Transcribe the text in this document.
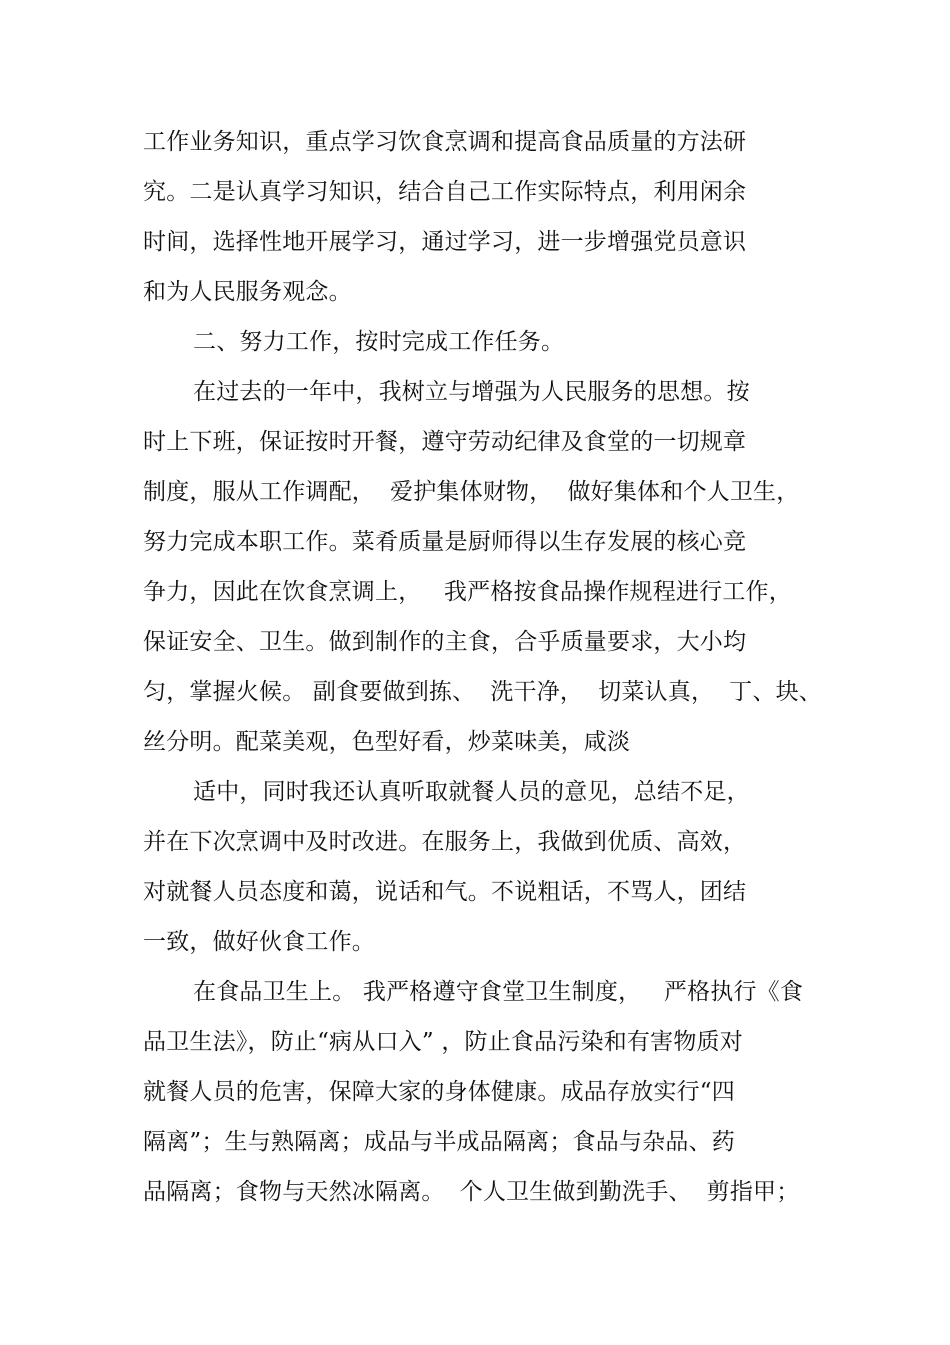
工作业务知识，重点学习饮食烹调和提高食品质量的方法研
究。二是认真学习知识，结合自己工作实际特点，利用闲余
时间，选择性地开展学习，通过学习，进一步增强党员意识
和为人民服务观念。
二、努力工作，按时完成工作任务。
在过去的一年中，我树立与增强为人民服务的思想。按
时上下班，保证按时开餐，遵守劳动纪律及食堂的一切规章
制度，服从工作调配，  爱护集体财物，  做好集体和个人卫生，
努力完成本职工作。菜肴质量是厨师得以生存发展的核心竞
争力，因此在饮食烹调上，   我严格按食品操作规程进行工作，
保证安全、卫生。做到制作的主食，合乎质量要求，大小均
匀，掌握火候。 副食要做到拣、  洗干净，  切菜认真，  丁、块、
丝分明。配菜美观，色型好看，炒菜味美，咸淡
适中，同时我还认真听取就餐人员的意见，总结不足，
并在下次烹调中及时改进。在服务上，我做到优质、高效，
对就餐人员态度和蔼，说话和气。不说粗话，不骂人，团结
一致，做好伙食工作。
在食品卫生上。 我严格遵守食堂卫生制度，   严格执行《食
品卫生法》，防止“病从口入” ，防止食品污染和有害物质对
就餐人员的危害，保障大家的身体健康。成品存放实行“四
隔离”；生与熟隔离；成品与半成品隔离；食品与杂品、药
品隔离；食物与天然冰隔离。  个人卫生做到勤洗手、  剪指甲；
